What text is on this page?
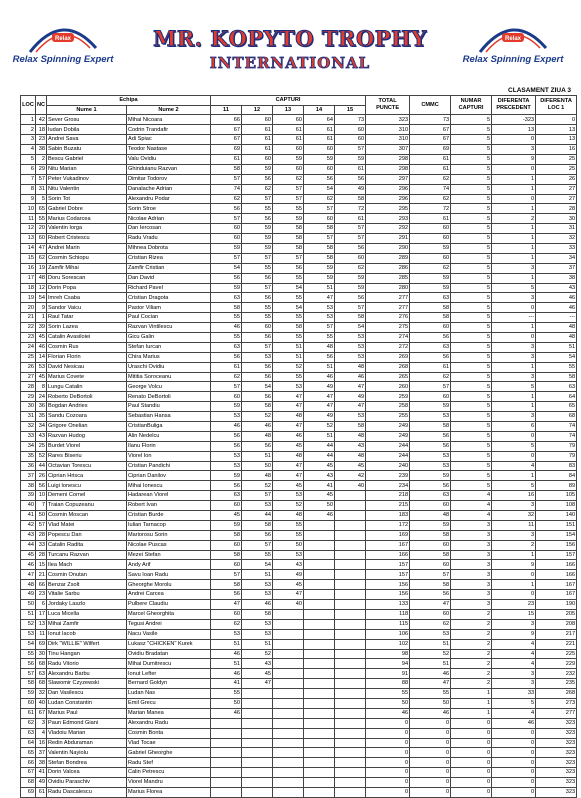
Relax
Relax Spinning Expert
MR. KOPYTO TROPHY
INTERNATIONAL
Relax
Relax Spinning Expert
CLASAMENT ZIUA 3
LOC	NC	Echipa		CAPTURI					TOTAL PUNCTE	CMMC	NUMAR CAPTURI	DIFERENTA PRECEDENT	DIFERENTA LOC 1
		Nume 1	Nume 2	11	12	13	14	15					
1	42	Sever Grosu	Mihai Nicoara	66	60	60	64	73	323	73	5	-323	0
2	18	Iudan Dobila	Codrin Trandafir	67	61	61	61	60	310	67	5	13	13
3	23	Andrei Sava	Adi Spiac	67	61	61	61	60	310	67	5	0	13
4	38	Sabin Buzatu	Teodor Nastase	69	61	60	60	57	307	69	5	3	16
5	2	Bescu Gabriel	Valu Ovidiu	61	60	59	59	59	298	61	5	9	25
6	29	Nitu Marian	Ghinduianu Razvan	58	59	60	60	61	298	61	5	0	25
7	57	Peter Vukadinov	Dimitar Todorov	57	56	62	56	56	297	62	5	1	26
8	31	Nitu Valentin	Danalache Adrian	74	62	57	54	49	296	74	5	1	27
9	5	Sorin Tot	Alexandru Podar	62	57	57	62	58	296	62	5	0	27
10	65	Gabriel Dobre	Sorin Stroe	56	55	55	57	72	295	72	5	1	28
11	55	Marius Codarcea	Nicolae Adrian	57	56	59	60	61	293	61	5	2	30
12	20	Valentin Iorga	Dan Iercosan	60	59	58	58	57	292	60	5	1	31
13	60	Robert Cristescu	Radu Vradu	60	59	58	57	57	291	60	5	1	32
14	47	Andrei Marin	Mihnea Dobrota	59	59	58	58	56	290	59	5	1	33
15	62	Cosmin Schiopu	Cristian Rizea	57	57	57	58	60	289	60	5	1	34
16	19	Zamfir Mihai	Zamfir Cristian	54	55	56	59	62	286	62	5	3	37
17	48	Doru Sorescan	Dan David	56	56	55	59	59	285	59	5	1	38
18	12	Dorin Popa	Richard Pavel	59	57	54	51	59	280	59	5	5	43
19	54	Imreh Csaba	Cristian Dragota	63	56	55	47	56	277	63	5	3	46
20	9	Sandor Vaicu	Pastor Viliam	58	55	54	53	57	277	58	5	0	46
21	1	Raul Tatar	Paul Cocian	55	55	55	53	58	276	58	5	---	---
22	39	Sorin Lazea	Razvan Vintilescu	46	60	58	57	54	275	60	5	1	48
23	45	Catalin Avasiloiei	Gicu Galin	55	56	55	55	53	274	56	5	0	48
24	46	Cosmin Rus	Stefan Iurcan	63	57	51	48	53	272	63	5	3	51
25	14	Florian Florin	Chira Marius	56	53	51	56	53	269	56	5	3	54
26	53	David Nesicau	Uraschi Ovidiu	61	56	52	51	48	268	61	5	1	55
27	45	Marius Covete	Mititia Soroceanu	62	56	55	46	46	265	62	5	3	58
28	8	Lungu Catalin	George Volcu	57	54	53	49	47	260	57	5	5	63
29	24	Roberto DeBortoli	Renato DeBortoli	60	56	47	47	49	259	60	5	1	64
30	36	Bogdan Andries	Paul Standiu	59	58	47	47	47	258	59	5	1	65
31	35	Sandu Cozoara	Sebastian Hansa	53	52	48	49	53	255	53	5	3	68
32	34	Grigore Onelian	CristianBuliga	46	46	47	52	58	249	58	5	6	74
33	43	Razvan Hudog	Alin Nedelcu	56	48	46	51	48	249	56	5	0	74
34	25	Burdet Viorel	Ilanu Florin	56	56	45	44	43	244	56	5	5	79
35	52	Rares Biseriu	Viorel Ion	53	51	48	44	48	244	53	5	0	79
36	44	Octavian Torescu	Cristian Pandichi	53	50	47	45	45	240	53	5	4	83
37	26	Ciprian Hrisca	Ciprian Danilov	59	48	47	43	42	239	59	5	1	84
38	56	Luigi Ionescu	Mihai Ionescu	56	52	45	41	40	234	56	5	5	89
39	10	Demeni Cornel	Hadarean Viorel	63	57	53	45		218	63	4	16	105
40	7	Traian Copuzeanu	Robert Ivan	60	53	52	50		215	60	4	3	108
41	50	Cosmin Moscan	Cristian Burde	45	44	48	46		183	48	4	32	140
42	57	Vlad Matei	Iulian Tarnacop	59	58	55			172	59	3	11	151
43	28	Popescu Dan	Mariorosu Sorin	58	56	55			169	58	3	3	154
44	33	Catalin Radita	Nicolae Puscas	60	57	50			167	60	3	2	156
45	28	Turcanu Razvan	Mezei Stefan	58	55	53			166	58	3	1	157
46	15	Ilea Mach	Andy Arif	60	54	43			157	60	3	9	166
47	21	Cosmin Onutan	Savu Ioan Radu	57	51	49			157	57	3	0	166
48	66	Benzar Zsolt	Gheorghe Morolu	58	53	45			156	58	3	1	167
49	23	Vitalie Sarbu	Andrei Carcea	56	53	47			156	56	3	0	167
50	6	Jordaky Laszlo	Pulbere Claudiu	47	46	40			133	47	3	23	190
51	17	Luca Micella	Marcel Gheorghita	60	58				118	60	2	15	205
52	13	Mihai Zamfir	Tegusi Andrei	62	53				115	62	2	3	208
53	11	Ionut Iacob	Nacu Vasile	53	53				106	53	2	9	217
54	69	Dirk "WILLIE" Wilfert	Lukasz "CHICKEN" Kurek	51	51				102	51	2	4	221
55	30	Tinu Hangan	Ovidiu Bradatan	46	52				98	52	2	4	225
56	68	Radu Vitorio	Mihai Dumitrescu	51	43				94	51	2	4	229
57	63	Alexandru Barbu	Ionut Lefter	46	45				91	46	2	3	232
58	68	Slawomir Czyzewski	Bernard Goldyn	41	47				88	47	2	3	235
59	32	Dan Vasilescu	Ludan Nas	55					55	55	1	33	268
60	40	Ludan Constantin	Emil Grecu	50					50	50	1	5	273
61	67	Marius Paul	Marian Manea	46					46	46	1	4	277
62	3	Paun Edmond Giani	Alexandru Radu						0	0	0	46	323
63	4	Vladoiu Marian	Cosmin Bonta						0	0	0	0	323
64	16	Redin Abduraman	Vlad Tocae						0	0	0	0	323
65	37	Valentin Nayiolu	Gabriel Gheorghe						0	0	0	0	323
66	38	Stefan Bondrea	Radu Stef						0	0	0	0	323
67	41	Dorin Valcea	Calin Petrescu						0	0	0	0	323
68	49	Ovidiu Paraschiv	Viorel Mandru						0	0	0	0	323
69	61	Radu Dascalescu	Marius Florea						0	0	0	0	323
